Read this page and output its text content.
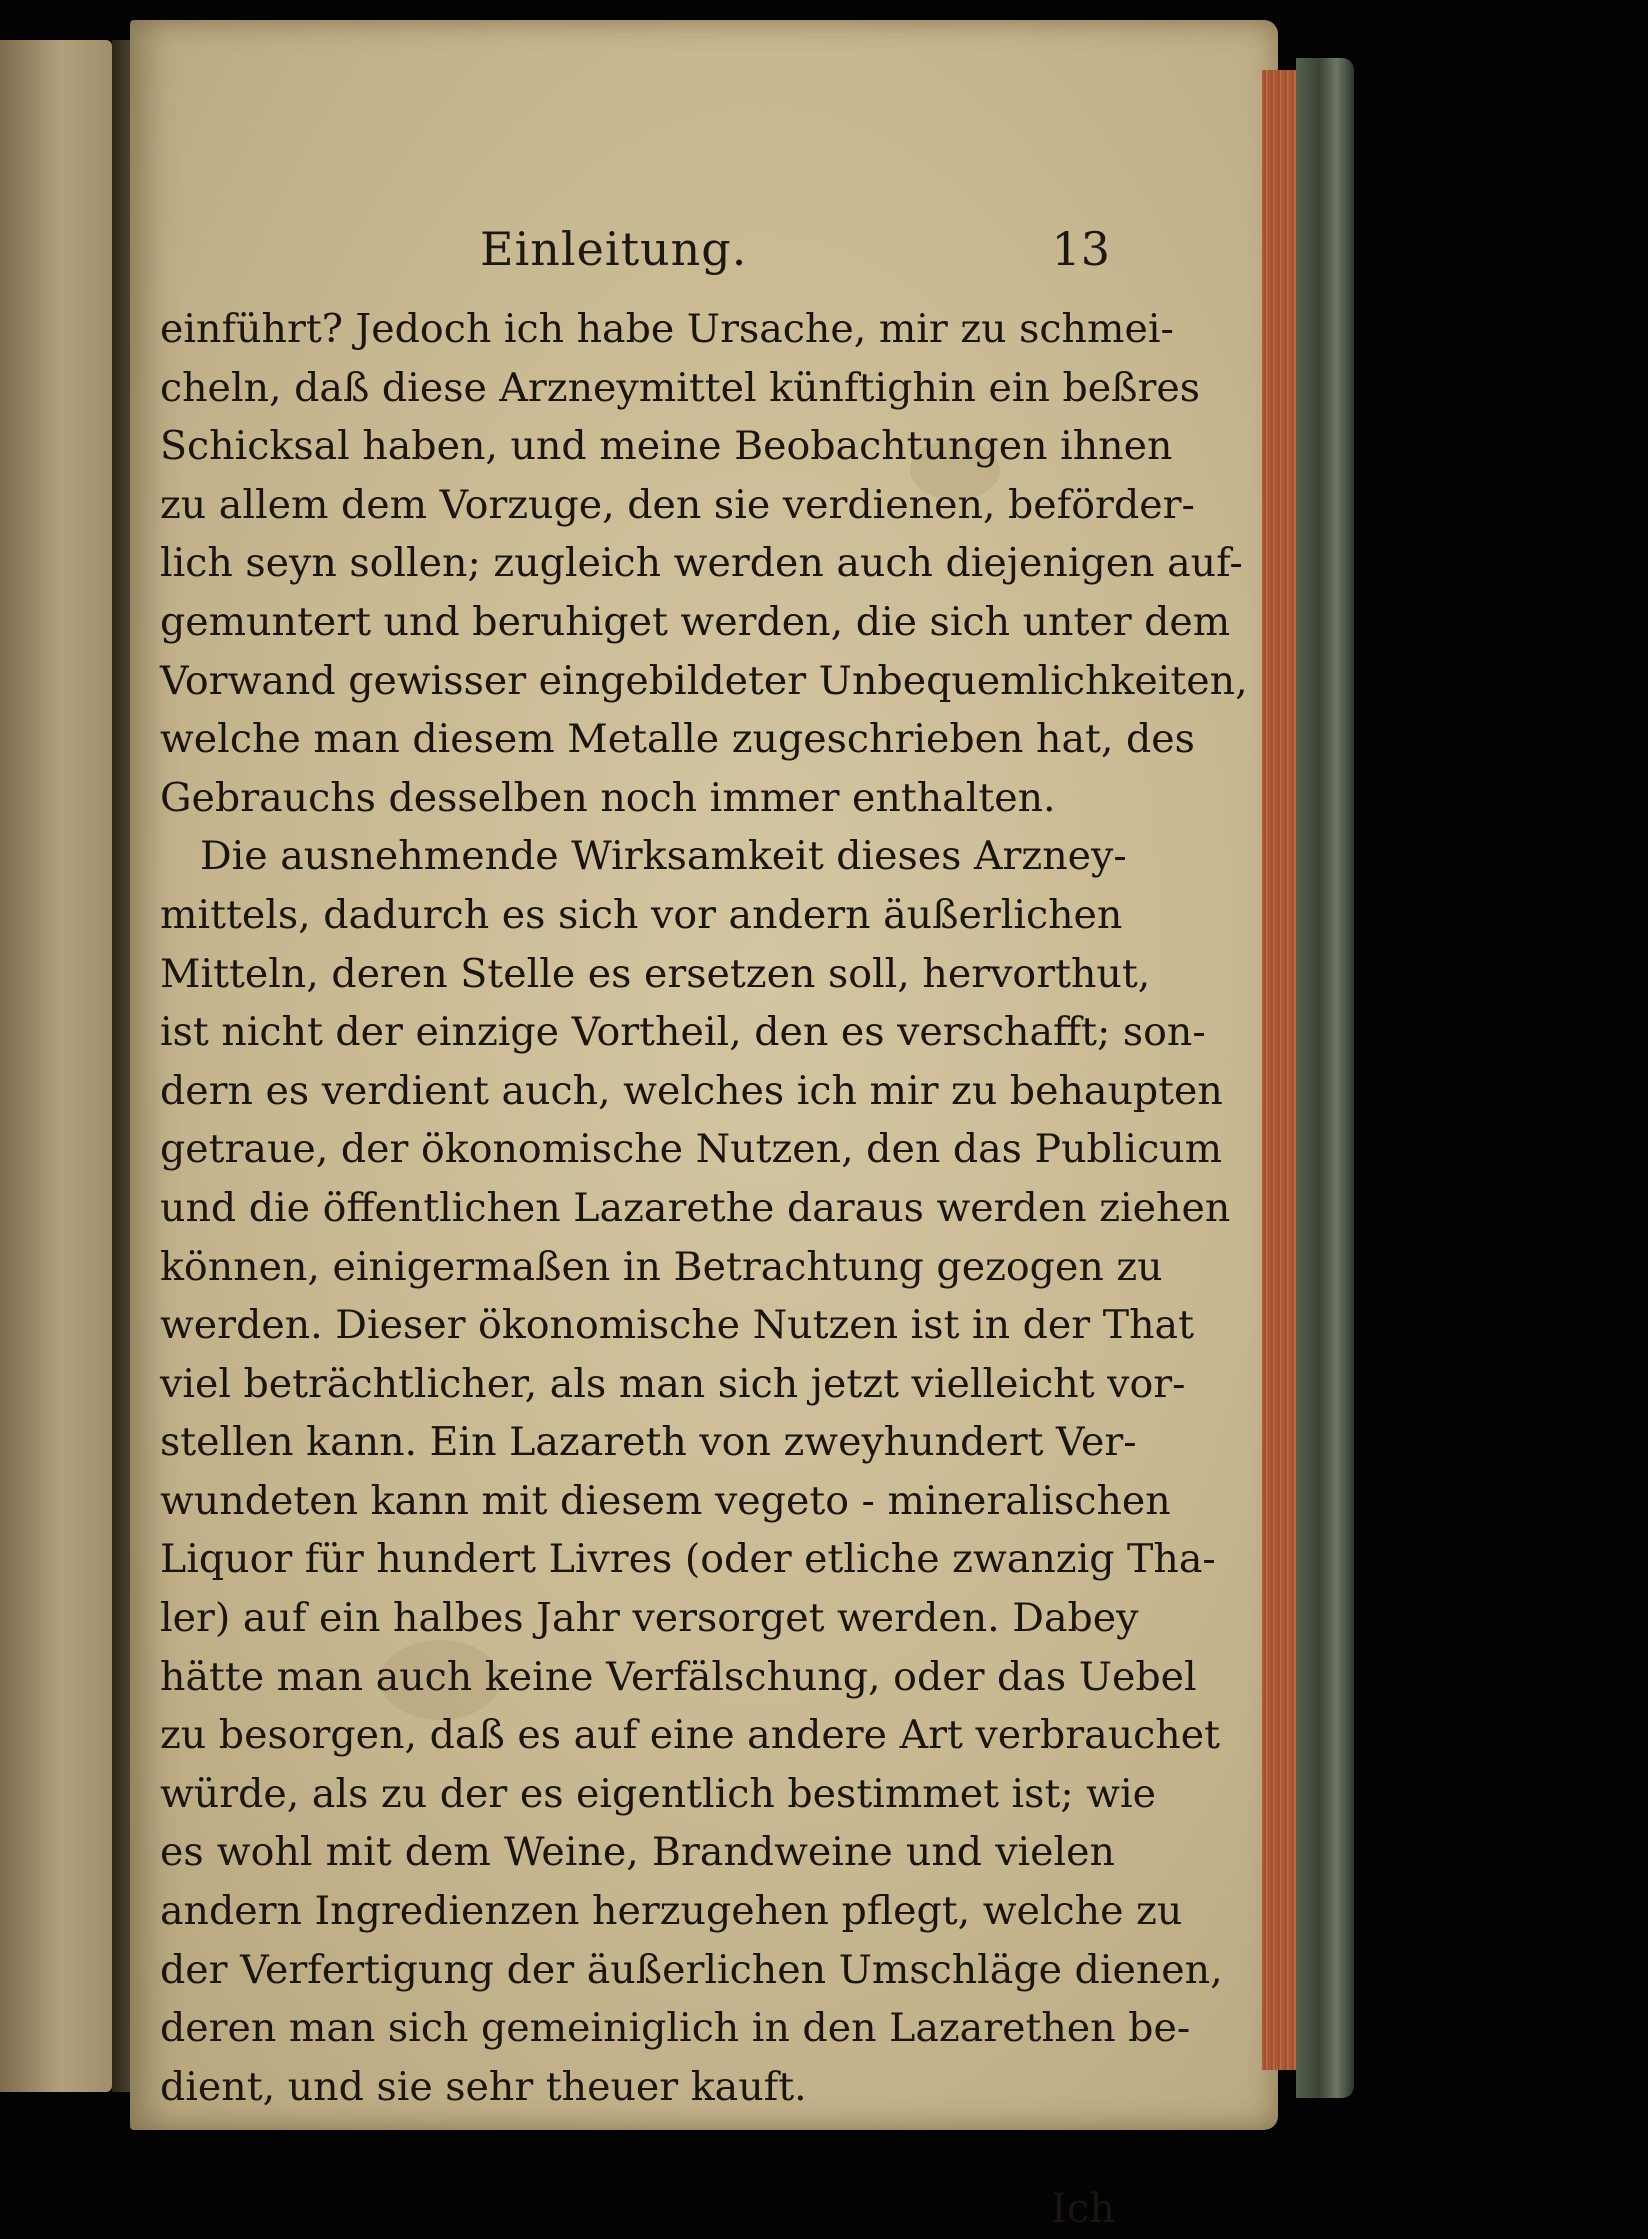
Einleitung.	13
einführt? Jedoch ich habe Ursache, mir zu schmei-
cheln, daß diese Arzneymittel künftighin ein beßres
Schicksal haben, und meine Beobachtungen ihnen
zu allem dem Vorzuge, den sie verdienen, beförder-
lich seyn sollen; zugleich werden auch diejenigen auf-
gemuntert und beruhiget werden, die sich unter dem
Vorwand gewisser eingebildeter Unbequemlichkeiten,
welche man diesem Metalle zugeschrieben hat, des
Gebrauchs desselben noch immer enthalten.
Die ausnehmende Wirksamkeit dieses Arzney-
mittels, dadurch es sich vor andern äußerlichen
Mitteln, deren Stelle es ersetzen soll, hervorthut,
ist nicht der einzige Vortheil, den es verschafft; son-
dern es verdient auch, welches ich mir zu behaupten
getraue, der ökonomische Nutzen, den das Publicum
und die öffentlichen Lazarethe daraus werden ziehen
können, einigermaßen in Betrachtung gezogen zu
werden. Dieser ökonomische Nutzen ist in der That
viel beträchtlicher, als man sich jetzt vielleicht vor-
stellen kann. Ein Lazareth von zweyhundert Ver-
wundeten kann mit diesem vegeto - mineralischen
Liquor für hundert Livres (oder etliche zwanzig Tha-
ler) auf ein halbes Jahr versorget werden. Dabey
hätte man auch keine Verfälschung, oder das Uebel
zu besorgen, daß es auf eine andere Art verbrauchet
würde, als zu der es eigentlich bestimmet ist; wie
es wohl mit dem Weine, Brandweine und vielen
andern Ingredienzen herzugehen pflegt, welche zu
der Verfertigung der äußerlichen Umschläge dienen,
deren man sich gemeiniglich in den Lazarethen be-
dient, und sie sehr theuer kauft.
Ich
